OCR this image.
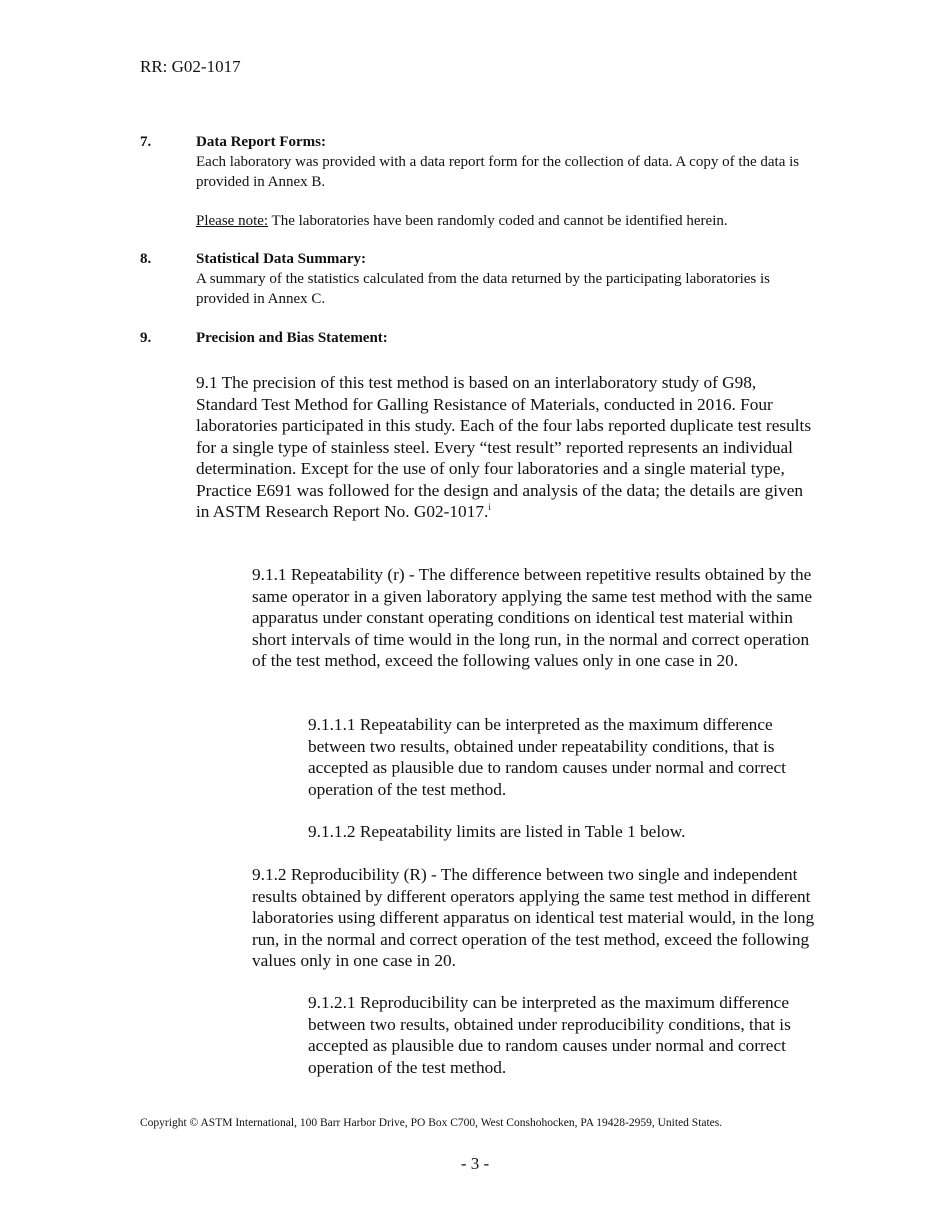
RR: G02-1017
7.	Data Report Forms:
Each laboratory was provided with a data report form for the collection of data. A copy of the data is provided in Annex B.
Please note: The laboratories have been randomly coded and cannot be identified herein.
8.	Statistical Data Summary:
A summary of the statistics calculated from the data returned by the participating laboratories is provided in Annex C.
9.	Precision and Bias Statement:
9.1 The precision of this test method is based on an interlaboratory study of G98, Standard Test Method for Galling Resistance of Materials, conducted in 2016. Four laboratories participated in this study. Each of the four labs reported duplicate test results for a single type of stainless steel. Every “test result” reported represents an individual determination. Except for the use of only four laboratories and a single material type, Practice E691 was followed for the design and analysis of the data; the details are given in ASTM Research Report No. G02-1017.$^i$
9.1.1 Repeatability (r) - The difference between repetitive results obtained by the same operator in a given laboratory applying the same test method with the same apparatus under constant operating conditions on identical test material within short intervals of time would in the long run, in the normal and correct operation of the test method, exceed the following values only in one case in 20.
9.1.1.1 Repeatability can be interpreted as the maximum difference between two results, obtained under repeatability conditions, that is accepted as plausible due to random causes under normal and correct operation of the test method.
9.1.1.2 Repeatability limits are listed in Table 1 below.
9.1.2 Reproducibility (R) - The difference between two single and independent results obtained by different operators applying the same test method in different laboratories using different apparatus on identical test material would, in the long run, in the normal and correct operation of the test method, exceed the following values only in one case in 20.
9.1.2.1 Reproducibility can be interpreted as the maximum difference between two results, obtained under reproducibility conditions, that is accepted as plausible due to random causes under normal and correct operation of the test method.
Copyright © ASTM International, 100 Barr Harbor Drive, PO Box C700, West Conshohocken, PA 19428-2959, United States.
- 3 -
